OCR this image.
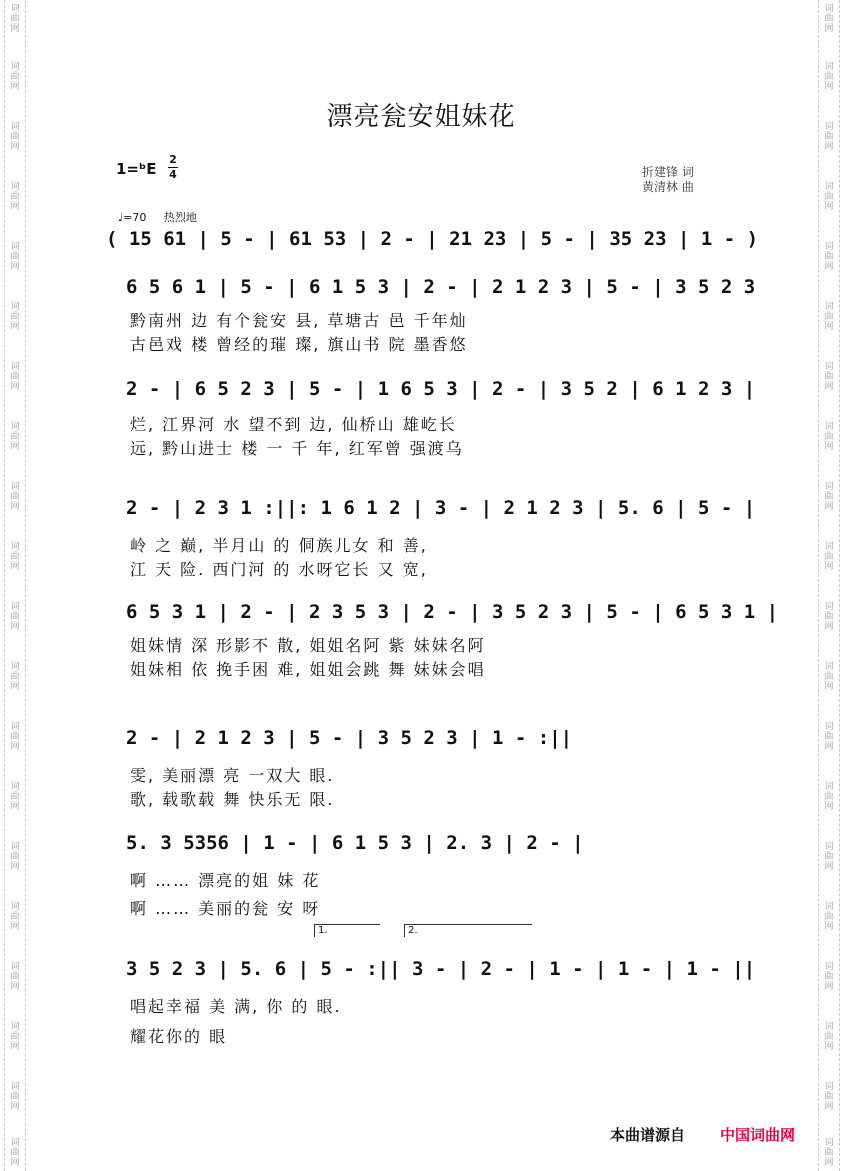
词
曲
网
词
曲
网
词
曲
网
词
曲
网
词
曲
网
词
曲
网
词
曲
网
词
曲
网
词
曲
网
词
曲
网
词
曲
网
词
曲
网
词
曲
网
词
曲
网
词
曲
网
词
曲
网
词
曲
网
词
曲
网
词
曲
网
词
曲
网
词
曲
网
词
曲
网
词
曲
网
词
曲
网
词
曲
网
词
曲
网
词
曲
网
词
曲
网
词
曲
网
词
曲
网
词
曲
网
词
曲
网
词
曲
网
词
曲
网
词
曲
网
词
曲
网
词
曲
网
词
曲
网
词
曲
网
词
曲
网
漂亮瓮安姐妹花
1=ᵇE
2
4	折建锋 词
黄清林 曲
♩=70 热烈地
( 15 61 | 5 - | 61 53 | 2 - | 21 23 | 5 - | 35 23 | 1 - )
6 5 6 1 | 5 - | 6 1 5 3 | 2 - | 2 1 2 3 | 5 - | 3 5 2 3
黔南州 边 有个瓮安 县, 草塘古 邑 千年灿
古邑戏 楼 曾经的璀 璨, 旗山书 院 墨香悠
2 - | 6 5 2 3 | 5 - | 1 6 5 3 | 2 - | 3 5 2 | 6 1 2 3 |
烂, 江界河 水 望不到 边, 仙桥山 雄屹长
远, 黔山进士 楼 一 千 年, 红军曾 强渡乌
2 - | 2 3 1 :||: 1 6 1 2 | 3 - | 2 1 2 3 | 5. 6 | 5 - |
岭 之 巅, 半月山 的 侗族儿女 和 善,
江 天 险. 西门河 的 水呀它长 又 宽,
6 5 3 1 | 2 - | 2 3 5 3 | 2 - | 3 5 2 3 | 5 - | 6 5 3 1 |
姐妹情 深 形影不 散, 姐姐名阿 紫 妹妹名阿
姐妹相 依 挽手困 难, 姐姐会跳 舞 妹妹会唱
2 - | 2 1 2 3 | 5 - | 3 5 2 3 | 1 - :||
雯, 美丽漂 亮 一双大 眼.
歌, 载歌载 舞 快乐无 限.
5. 3 5356 | 1 - | 6 1 5 3 | 2. 3 | 2 - |
啊 …… 漂亮的姐 妹 花
啊 …… 美丽的瓮 安 呀
1.	2.
3 5 2 3 | 5. 6 | 5 - :|| 3 - | 2 - | 1 - | 1 - | 1 - ||
唱起幸福 美 满, 你 的 眼.
耀花你的 眼
本曲谱源自 中国词曲网
